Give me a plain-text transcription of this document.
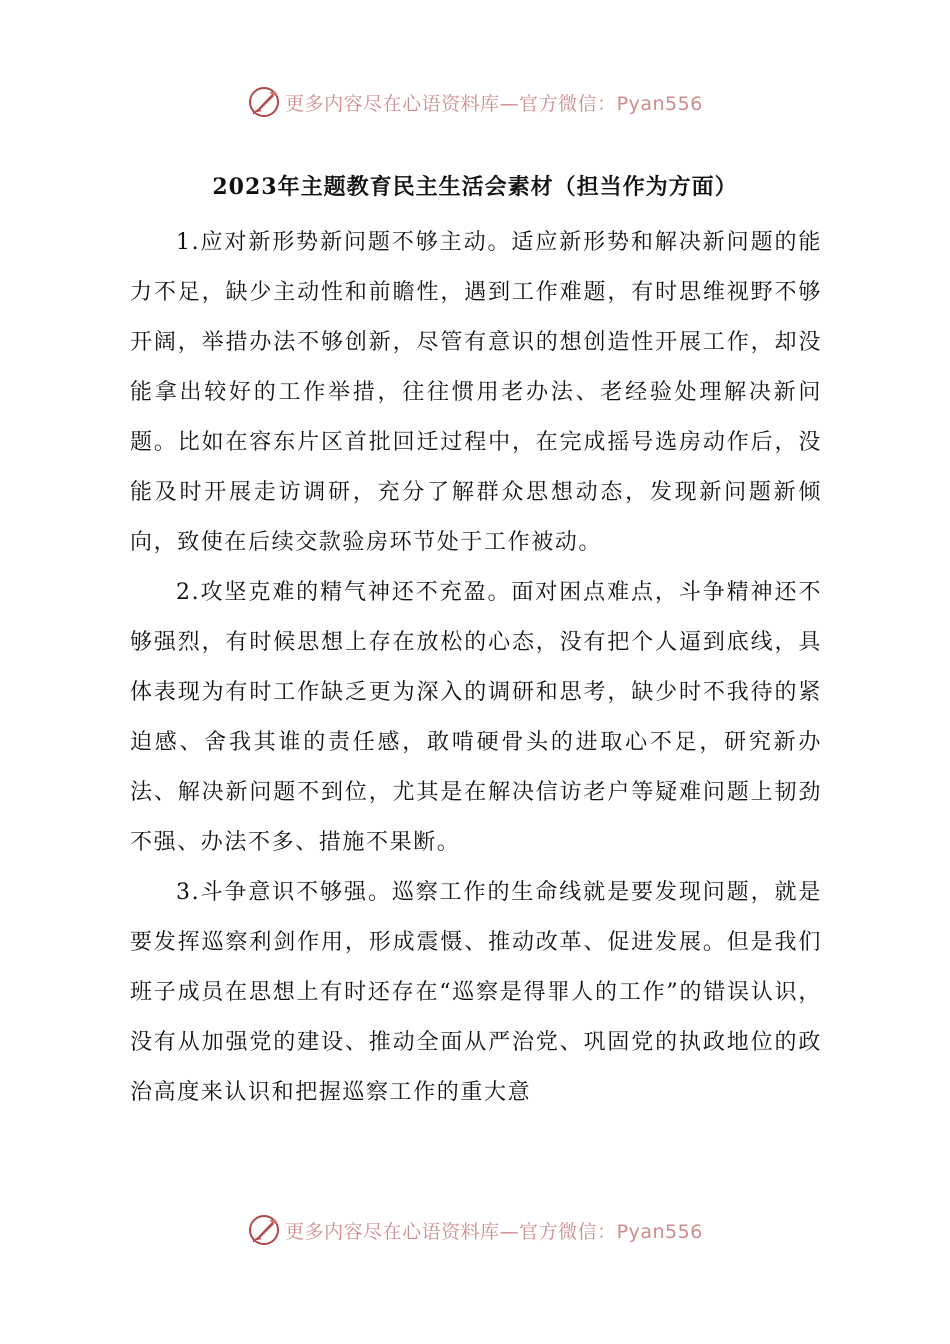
更多内容尽在心语资料库—官方微信：Pyan556
2023年主题教育民主生活会素材（担当作为方面）

1.应对新形势新问题不够主动。适应新形势和解决新问题的能力不足，缺少主动性和前瞻性，遇到工作难题，有时思维视野不够开阔，举措办法不够创新，尽管有意识的想创造性开展工作，却没能拿出较好的工作举措，往往惯用老办法、老经验处理解决新问题。比如在容东片区首批回迁过程中，在完成摇号选房动作后，没能及时开展走访调研，充分了解群众思想动态，发现新问题新倾向，致使在后续交款验房环节处于工作被动。

2.攻坚克难的精气神还不充盈。面对困点难点，斗争精神还不够强烈，有时候思想上存在放松的心态，没有把个人逼到底线，具体表现为有时工作缺乏更为深入的调研和思考，缺少时不我待的紧迫感、舍我其谁的责任感，敢啃硬骨头的进取心不足，研究新办法、解决新问题不到位，尤其是在解决信访老户等疑难问题上韧劲不强、办法不多、措施不果断。

3.斗争意识不够强。巡察工作的生命线就是要发现问题，就是要发挥巡察利剑作用，形成震慑、推动改革、促进发展。但是我们班子成员在思想上有时还存在“巡察是得罪人的工作”的错误认识，没有从加强党的建设、推动全面从严治党、巩固党的执政地位的政治高度来认识和把握巡察工作的重大意

更多内容尽在心语资料库—官方微信：Pyan556
